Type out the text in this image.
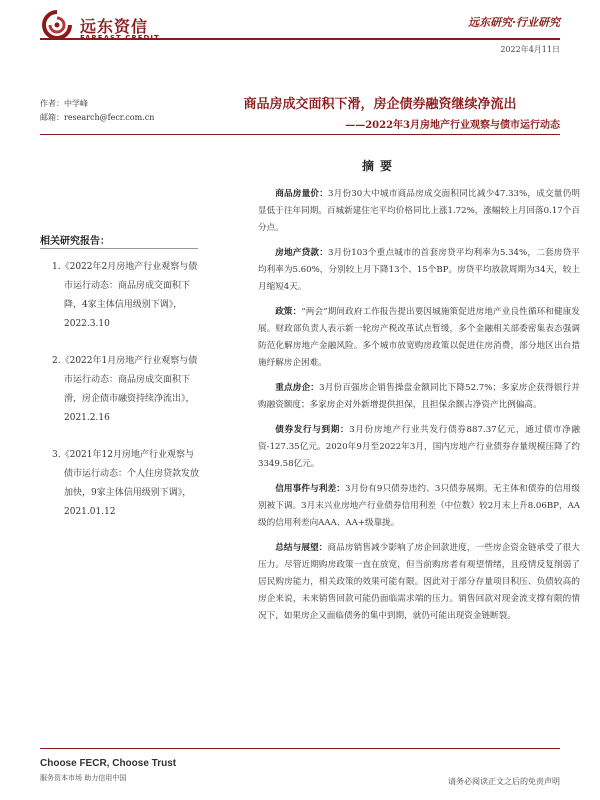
远东资信	远东研究·行业研究
2022年4月11日
作者：中学峰
邮箱：research@fecr.com.cn
商品房成交面积下滑，房企债券融资继续净流出
——2022年3月房地产行业观察与债市运行动态
相关研究报告：
1.《2022年2月房地产行业观察与债市运行动态：商品房成交面积下降，4家主体信用级别下调》，2022.3.10
2.《2022年1月房地产行业观察与债市运行动态：商品房成交面积下滑，房企债市融资持续净流出》，2021.2.16
3.《2021年12月房地产行业观察与债市运行动态：个人住房贷款发放加快，9家主体信用级别下调》，2021.01.12
摘要
商品房量价：3月份30大中城市商品房成交面积同比减少47.33%，成交量仍明显低于往年同期。百城新建住宅平均价格同比上涨1.72%，涨幅较上月回落0.17个百分点。
房地产贷款：3月份103个重点城市的首套房贷平均利率为5.34%，二套房贷平均利率为5.60%，分别较上月下降13个、15个BP。房贷平均放款周期为34天，较上月缩短4天。
政策：“两会”期间政府工作报告提出要因城施策促进房地产业良性循环和健康发展。财政部负责人表示新一轮房产税改革试点暂缓，多个金融相关部委密集表态强调防范化解房地产金融风险。多个城市放宽购房政策以促进住房消费，部分地区出台措施纾解房企困难。
重点房企：3月份百强房企销售操盘金额同比下降52.7%；多家房企获得银行并购融资额度；多家房企对外新增提供担保，且担保余额占净资产比例偏高。
债券发行与到期：3月份房地产行业共发行债券887.37亿元，通过债市净融资-127.35亿元。2020年9月至2022年3月，国内房地产行业债券存量规模压降了约3349.58亿元。
信用事件与利差：3月份有9只债券违约、3只债券展期。无主体和债券的信用级别被下调。3月末兴业房地产行业债券信用利差（中位数）较2月末上升8.06BP，AA级的信用利差向AAA、AA+级靠拢。
总结与展望：商品房销售减少影响了房企回款进度，一些房企资金链承受了很大压力。尽管近期购房政策一直在放宽，但当前购房者有观望情绪，且疫情反复削弱了居民购房能力，相关政策的效果可能有限。因此对于部分存量项目积压、负债较高的房企来说，未来销售回款可能仍面临需求端的压力。销售回款对现金流支撑有限的情况下，如果房企又面临债务的集中到期，就仍可能出现资金链断裂。
Choose FECR, Choose Trust
服务资本市场 助力信用中国	请务必阅读正文之后的免责声明
